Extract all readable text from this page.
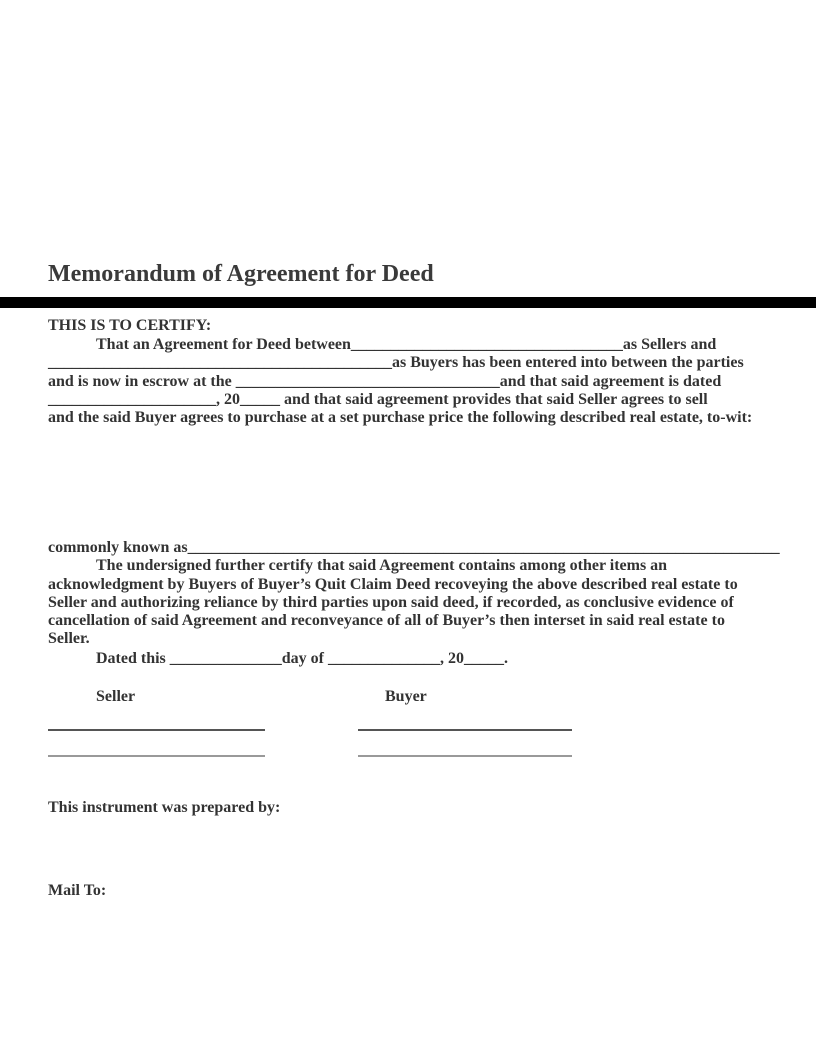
Memorandum of Agreement for Deed
THIS IS TO CERTIFY:
That an Agreement for Deed between__________________________________as Sellers and
___________________________________________as Buyers has been entered into between the parties
and is now in escrow at the _________________________________and that said agreement is dated
_____________________, 20_____ and that said agreement provides that said Seller agrees to sell
and the said Buyer agrees to purchase at a set purchase price the following described real estate, to-wit:
commonly known as__________________________________________________________________________
The undersigned further certify that said Agreement contains among other items an
acknowledgment by Buyers of Buyer’s Quit Claim Deed recoveying the above described real estate to
Seller and authorizing reliance by third parties upon said deed, if recorded, as conclusive evidence of
cancellation of said Agreement and reconveyance of all of Buyer’s then interset in said real estate to
Seller.
Dated this ______________day of ______________, 20_____.
Seller	Buyer
This instrument was prepared by:
Mail To:
